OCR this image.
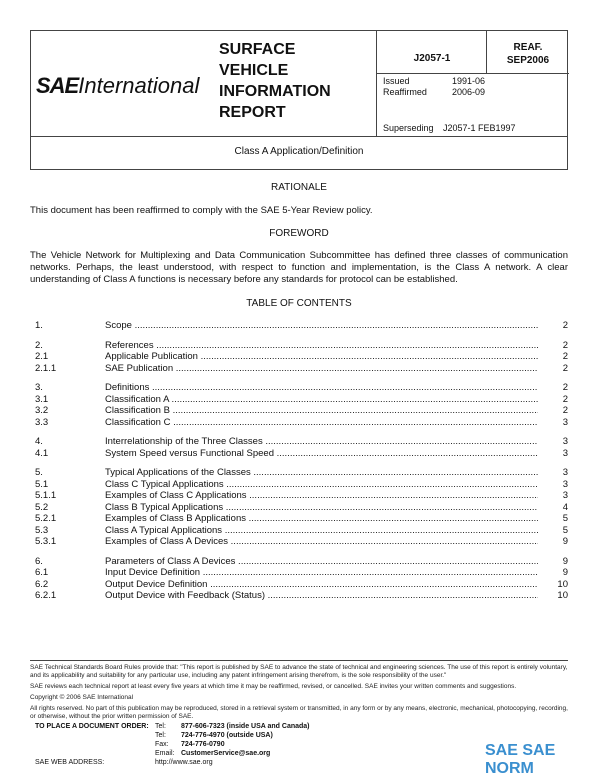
SAEInternational
SURFACE
VEHICLE
INFORMATION
REPORT
J2057-1
REAF.
SEP2006
Issued	1991-06
Reaffirmed	2006-09
Superseding J2057-1 FEB1997
Class A Application/Definition
RATIONALE
This document has been reaffirmed to comply with the SAE 5-Year Review policy.
FOREWORD
The Vehicle Network for Multiplexing and Data Communication Subcommittee has defined three classes of communication networks. Perhaps, the least understood, with respect to function and implementation, is the Class A network. A clear understanding of Class A functions is necessary before any standards for protocol can be established.
TABLE OF CONTENTS
1.	Scope .....	2
2.	References .....	2
2.1	Applicable Publication .....	2
2.1.1	SAE Publication .....	2
3.	Definitions .....	2
3.1	Classification A .....	2
3.2	Classification B .....	2
3.3	Classification C .....	3
4.	Interrelationship of the Three Classes .....	3
4.1	System Speed versus Functional Speed .....	3
5.	Typical Applications of the Classes .....	3
5.1	Class C Typical Applications .....	3
5.1.1	Examples of Class C Applications .....	3
5.2	Class B Typical Applications .....	4
5.2.1	Examples of Class B Applications .....	5
5.3	Class A Typical Applications .....	5
5.3.1	Examples of Class A Devices .....	9
6.	Parameters of Class A Devices .....	9
6.1	Input Device Definition .....	9
6.2	Output Device Definition .....	10
6.2.1	Output Device with Feedback (Status) .....	10
SAE Technical Standards Board Rules provide that: "This report is published by SAE to advance the state of technical and engineering sciences. The use of this report is entirely voluntary, and its applicability and suitability for any particular use, including any patent infringement arising therefrom, is the sole responsibility of the user."
SAE reviews each technical report at least every five years at which time it may be reaffirmed, revised, or cancelled. SAE invites your written comments and suggestions.
Copyright © 2006 SAE International
All rights reserved. No part of this publication may be reproduced, stored in a retrieval system or transmitted, in any form or by any means, electronic, mechanical, photocopying, recording, or otherwise, without the prior written permission of SAE.
TO PLACE A DOCUMENT ORDER: Tel: 877-606-7323 (inside USA and Canada)
Tel: 724-776-4970 (outside USA)
Fax: 724-776-0790
Email: CustomerService@sae.org
SAE WEB ADDRESS:	http://www.sae.org
SAE SAE NORM
